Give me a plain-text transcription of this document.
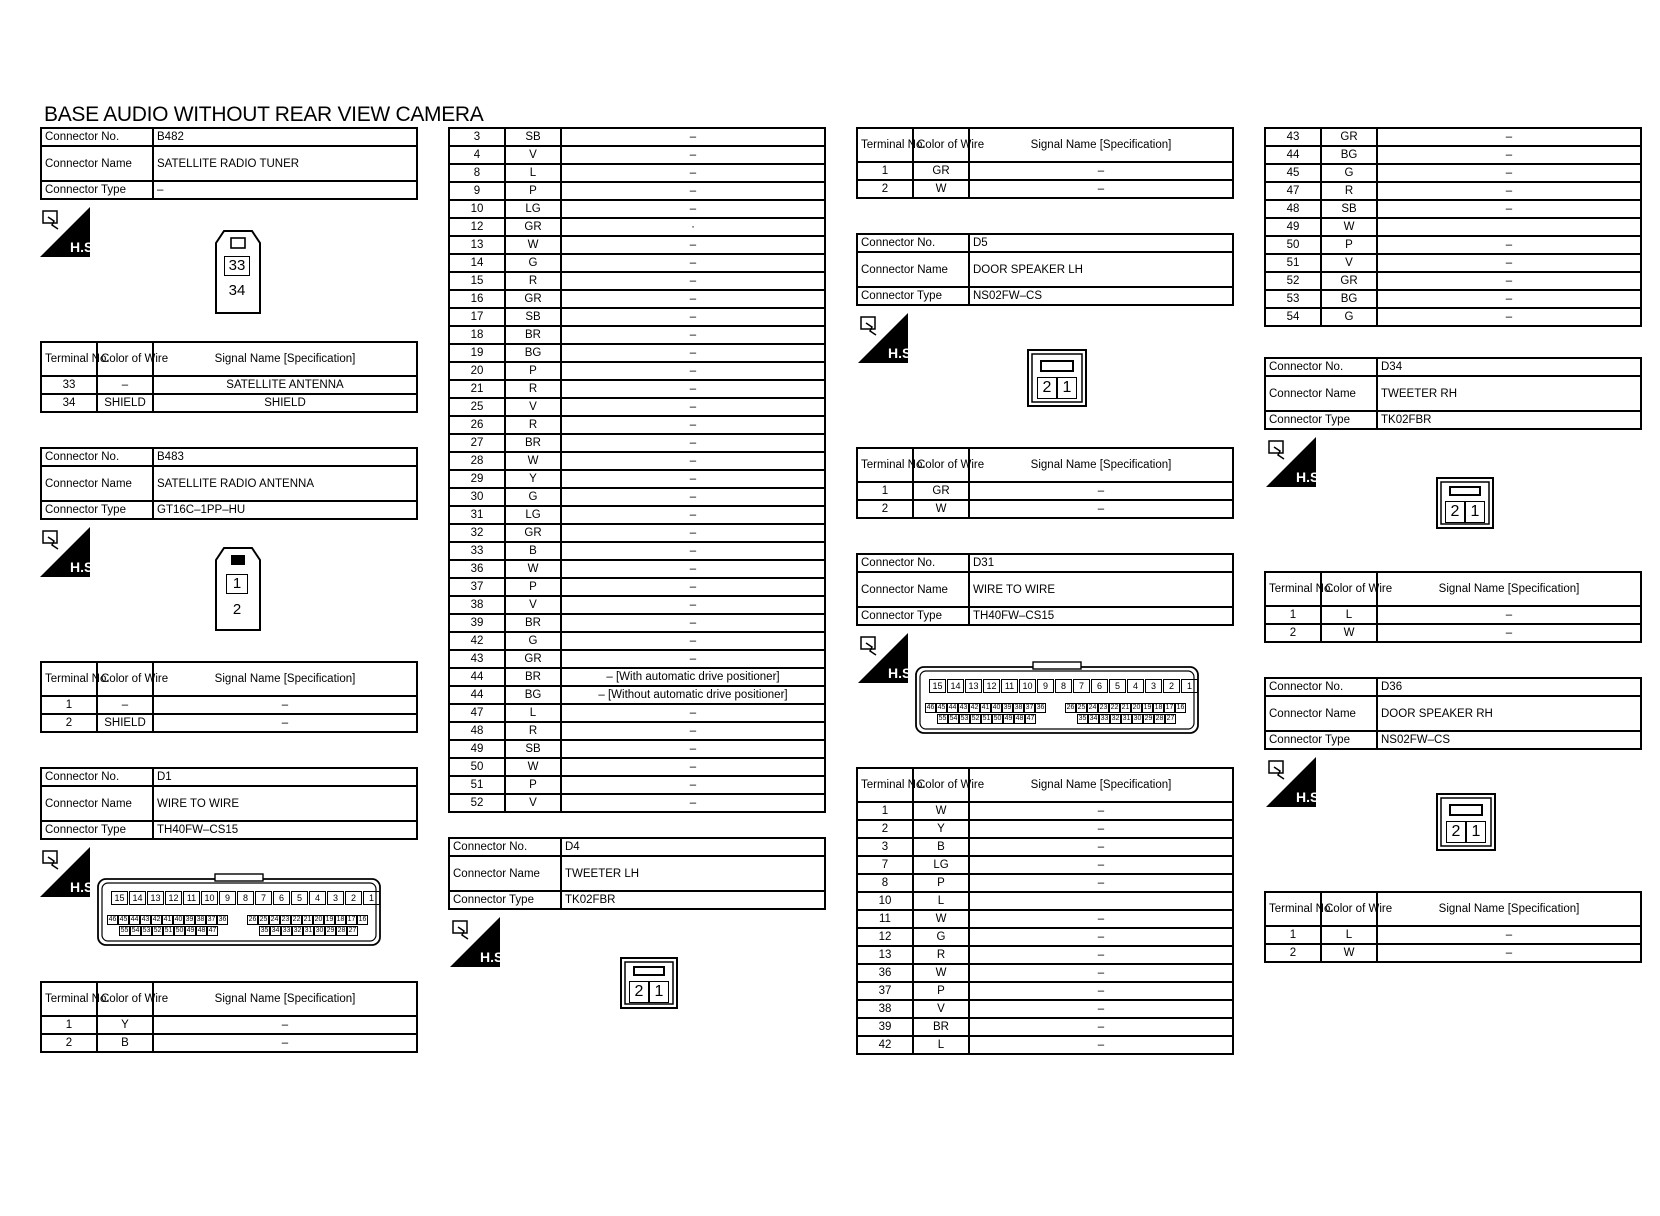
BASE AUDIO WITHOUT REAR VIEW CAMERA
Connector No.	B482
Connector Name	SATELLITE RADIO TUNER
Connector Type	–
H.S.
33
34
Terminal No.	Color of Wire	Signal Name [Specification]
33	–	SATELLITE ANTENNA
34	SHIELD	SHIELD
Connector No.	B483
Connector Name	SATELLITE RADIO ANTENNA
Connector Type	GT16C–1PP–HU
H.S.
1
2
Terminal No.	Color of Wire	Signal Name [Specification]
1	–	–
2	SHIELD	–
Connector No.	D1
Connector Name	WIRE TO WIRE
Connector Type	TH40FW–CS15
H.S.
15 14 13 12 11 10 9 8 7 6 5 4 3 2 1
46 45 44 43 42 41 40 39 38 37 36	26 25 24 23 22 21 20 19 18 17 16
55 54 53 52 51 50 49 48 47	35 34 33 32 31 30 29 28 27
Terminal No.	Color of Wire	Signal Name [Specification]
1	Y	–
2	B	–
3	SB	–
4	V	–
8	L	–
9	P	–
10	LG	–
12	GR	·
13	W	–
14	G	–
15	R	–
16	GR	–
17	SB	–
18	BR	–
19	BG	–
20	P	–
21	R	–
25	V	–
26	R	–
27	BR	–
28	W	–
29	Y	–
30	G	–
31	LG	–
32	GR	–
33	B	–
36	W	–
37	P	–
38	V	–
39	BR	–
42	G	–
43	GR	–
44	BR	– [With automatic drive positioner]
44	BG	– [Without automatic drive positioner]
47	L	–
48	R	–
49	SB	–
50	W	–
51	P	–
52	V	–
Connector No.	D4
Connector Name	TWEETER LH
Connector Type	TK02FBR
H.S.
2 1
Terminal No.	Color of Wire	Signal Name [Specification]
1	GR	–
2	W	–
Connector No.	D5
Connector Name	DOOR SPEAKER LH
Connector Type	NS02FW–CS
H.S.
2 1
Terminal No.	Color of Wire	Signal Name [Specification]
1	GR	–
2	W	–
Connector No.	D31
Connector Name	WIRE TO WIRE
Connector Type	TH40FW–CS15
H.S.
15 14 13 12 11 10 9 8 7 6 5 4 3 2 1
46 45 44 43 42 41 40 39 38 37 36	26 25 24 23 22 21 20 19 18 17 16
55 54 53 52 51 50 49 48 47	35 34 33 32 31 30 29 28 27
Terminal No.	Color of Wire	Signal Name [Specification]
1	W	–
2	Y	–
3	B	–
7	LG	–
8	P	–
10	L	
11	W	–
12	G	–
13	R	–
36	W	–
37	P	–
38	V	–
39	BR	–
42	L	–
43	GR	–
44	BG	–
45	G	–
47	R	–
48	SB	–
49	W	
50	P	–
51	V	–
52	GR	–
53	BG	–
54	G	–
Connector No.	D34
Connector Name	TWEETER RH
Connector Type	TK02FBR
H.S.
2 1
Terminal No.	Color of Wire	Signal Name [Specification]
1	L	–
2	W	–
Connector No.	D36
Connector Name	DOOR SPEAKER RH
Connector Type	NS02FW–CS
H.S.
2 1
Terminal No.	Color of Wire	Signal Name [Specification]
1	L	–
2	W	–
